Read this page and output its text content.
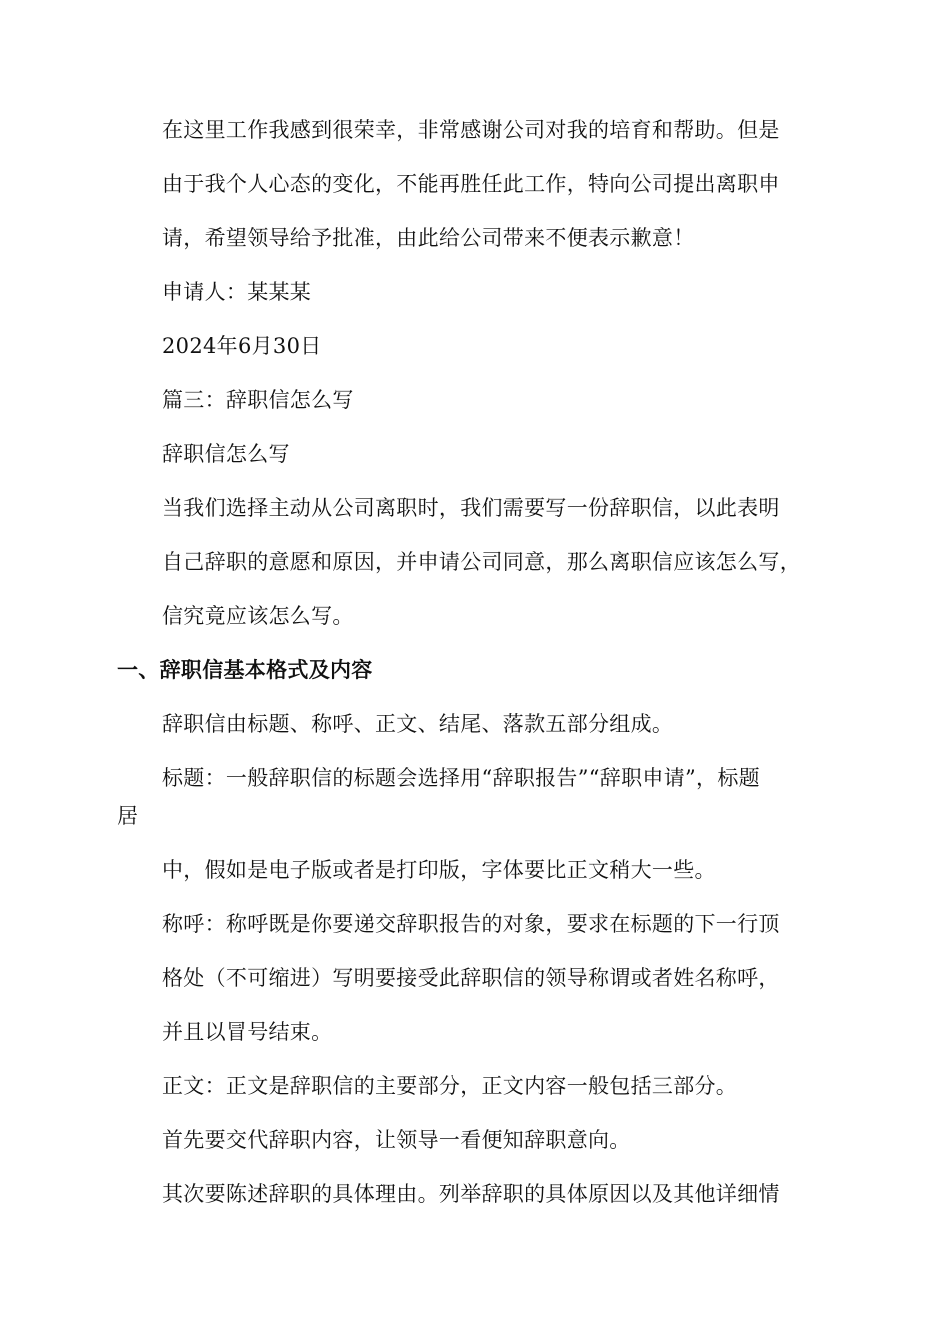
在这里工作我感到很荣幸，非常感谢公司对我的培育和帮助。但是
由于我个人心态的变化，不能再胜任此工作，特向公司提出离职申
请，希望领导给予批准，由此给公司带来不便表示歉意！
申请人：某某某
2024年6月30日
篇三：辞职信怎么写
辞职信怎么写
当我们选择主动从公司离职时，我们需要写一份辞职信，以此表明
自己辞职的意愿和原因，并申请公司同意，那么离职信应该怎么写，
信究竟应该怎么写。
一、辞职信基本格式及内容
辞职信由标题、称呼、正文、结尾、落款五部分组成。
标题：一般辞职信的标题会选择用“辞职报告”“辞职申请”，标题
居
中，假如是电子版或者是打印版，字体要比正文稍大一些。
称呼：称呼既是你要递交辞职报告的对象，要求在标题的下一行顶
格处（不可缩进）写明要接受此辞职信的领导称谓或者姓名称呼，
并且以冒号结束。
正文：正文是辞职信的主要部分，正文内容一般包括三部分。
首先要交代辞职内容，让领导一看便知辞职意向。
其次要陈述辞职的具体理由。列举辞职的具体原因以及其他详细情
